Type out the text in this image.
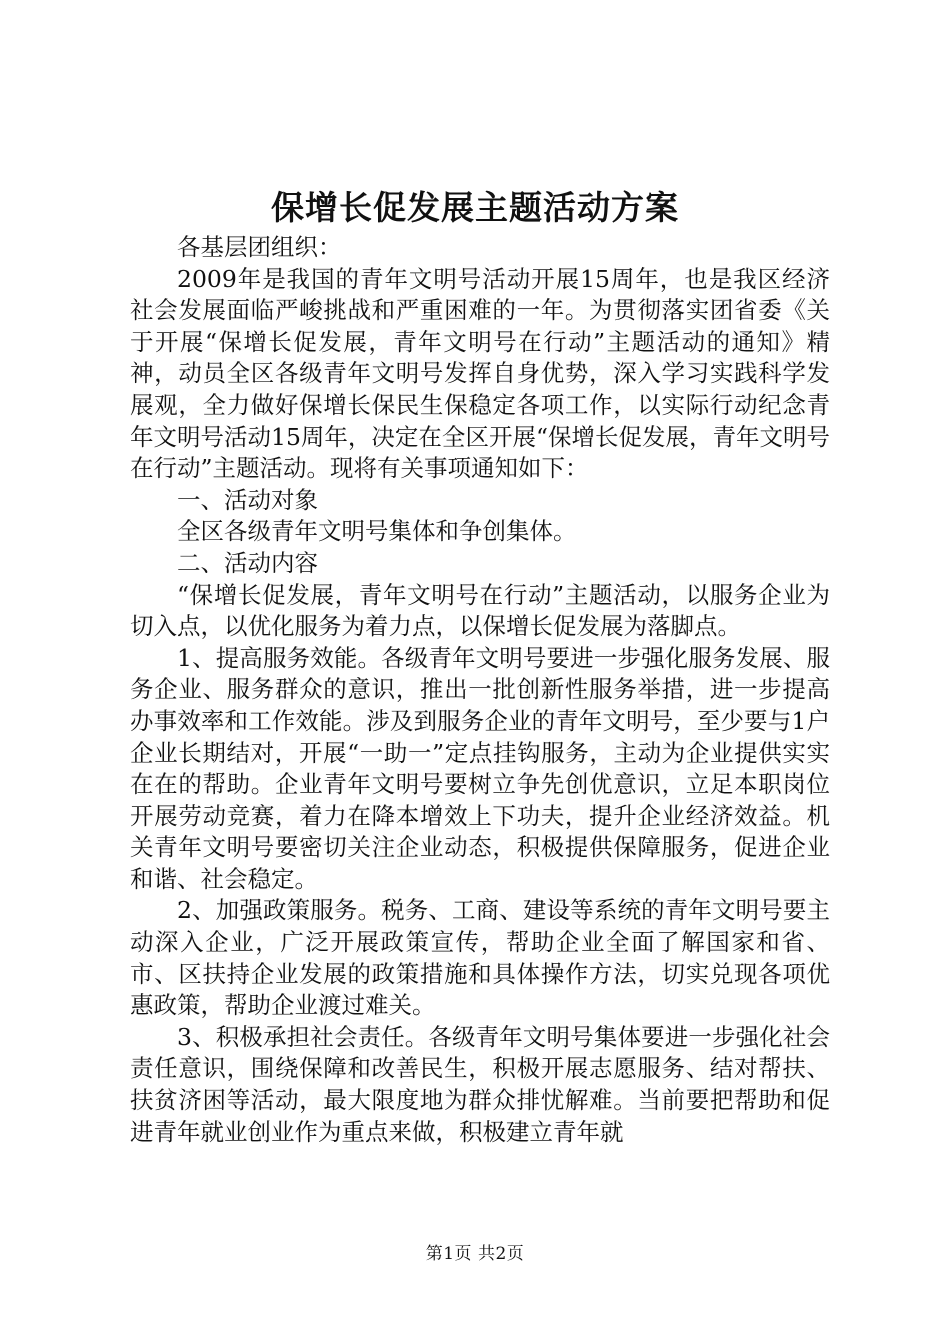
保增长促发展主题活动方案

各基层团组织：

2009年是我国的青年文明号活动开展15周年，也是我区经济社会发展面临严峻挑战和严重困难的一年。为贯彻落实团省委《关于开展“保增长促发展，青年文明号在行动”主题活动的通知》精神，动员全区各级青年文明号发挥自身优势，深入学习实践科学发展观，全力做好保增长保民生保稳定各项工作，以实际行动纪念青年文明号活动15周年，决定在全区开展“保增长促发展，青年文明号在行动”主题活动。现将有关事项通知如下：

一、活动对象

全区各级青年文明号集体和争创集体。

二、活动内容

“保增长促发展，青年文明号在行动”主题活动，以服务企业为切入点，以优化服务为着力点，以保增长促发展为落脚点。

1、提高服务效能。各级青年文明号要进一步强化服务发展、服务企业、服务群众的意识，推出一批创新性服务举措，进一步提高办事效率和工作效能。涉及到服务企业的青年文明号，至少要与1户企业长期结对，开展“一助一”定点挂钩服务，主动为企业提供实实在在的帮助。企业青年文明号要树立争先创优意识，立足本职岗位开展劳动竞赛，着力在降本增效上下功夫，提升企业经济效益。机关青年文明号要密切关注企业动态，积极提供保障服务，促进企业和谐、社会稳定。

2、加强政策服务。税务、工商、建设等系统的青年文明号要主动深入企业，广泛开展政策宣传，帮助企业全面了解国家和省、市、区扶持企业发展的政策措施和具体操作方法，切实兑现各项优惠政策，帮助企业渡过难关。

3、积极承担社会责任。各级青年文明号集体要进一步强化社会责任意识，围绕保障和改善民生，积极开展志愿服务、结对帮扶、扶贫济困等活动，最大限度地为群众排忧解难。当前要把帮助和促进青年就业创业作为重点来做，积极建立青年就

第1页 共2页
